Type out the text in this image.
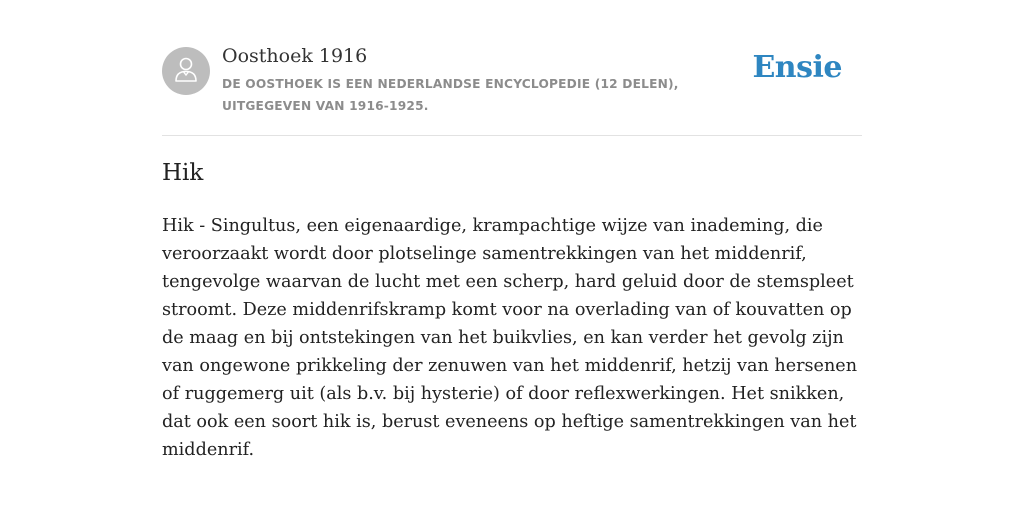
Oosthoek 1916
DE OOSTHOEK IS EEN NEDERLANDSE ENCYCLOPEDIE (12 DELEN), UITGEGEVEN VAN 1916-1925.
Ensie
Hik

Hik - Singultus, een eigenaardige, krampachtige wijze van inademing, die veroorzaakt wordt door plotselinge samentrekkingen van het middenrif, tengevolge waarvan de lucht met een scherp, hard geluid door de stemspleet stroomt. Deze middenrifskramp komt voor na overlading van of kouvatten op de maag en bij ontstekingen van het buikvlies, en kan verder het gevolg zijn van ongewone prikkeling der zenuwen van het middenrif, hetzij van hersenen of ruggemerg uit (als b.v. bij hysterie) of door reflexwerkingen. Het snikken, dat ook een soort hik is, berust eveneens op heftige samentrekkingen van het middenrif.
